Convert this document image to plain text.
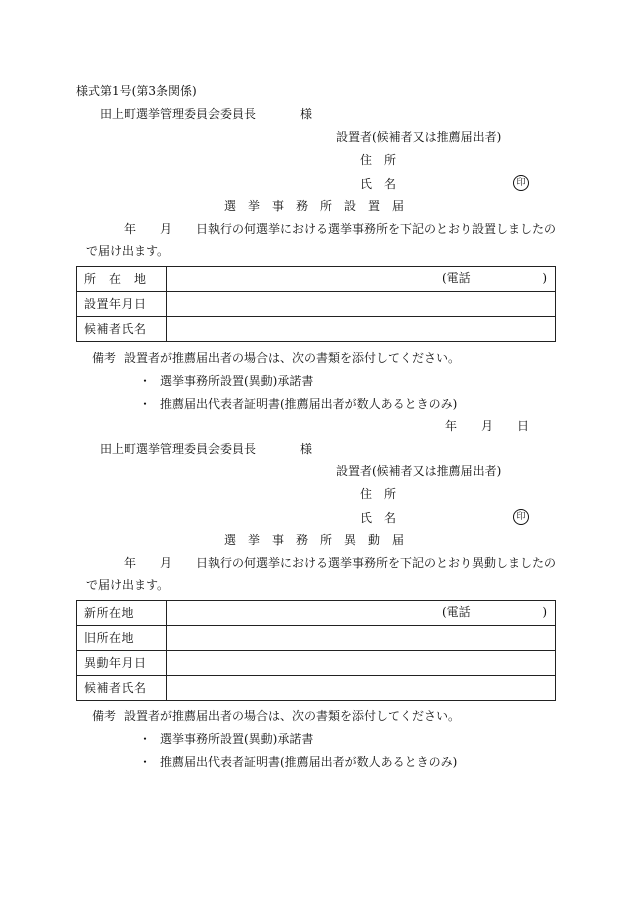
様式第1号(第3条関係)
田上町選挙管理委員会委員長	様
設置者(候補者又は推薦届出者)
住　所
氏　名	印
選　挙　事　務　所　設　置　届
年　　月　　日執行の何選挙における選挙事務所を下記のとおり設置しましたの
で届け出ます。
所　在　地	(電話 )

設置年月日	
候補者氏名	
備考 設置者が推薦届出者の場合は、次の書類を添付してください。
・ 選挙事務所設置(異動)承諾書
・ 推薦届出代表者証明書(推薦届出者が数人あるときのみ)
年　　月　　日
田上町選挙管理委員会委員長	様
設置者(候補者又は推薦届出者)
住　所
氏　名	印
選　挙　事　務　所　異　動　届
年　　月　　日執行の何選挙における選挙事務所を下記のとおり異動しましたの
で届け出ます。
新所在地	(電話 )

旧所在地	
異動年月日	
候補者氏名	
備考 設置者が推薦届出者の場合は、次の書類を添付してください。
・ 選挙事務所設置(異動)承諾書
・ 推薦届出代表者証明書(推薦届出者が数人あるときのみ)
